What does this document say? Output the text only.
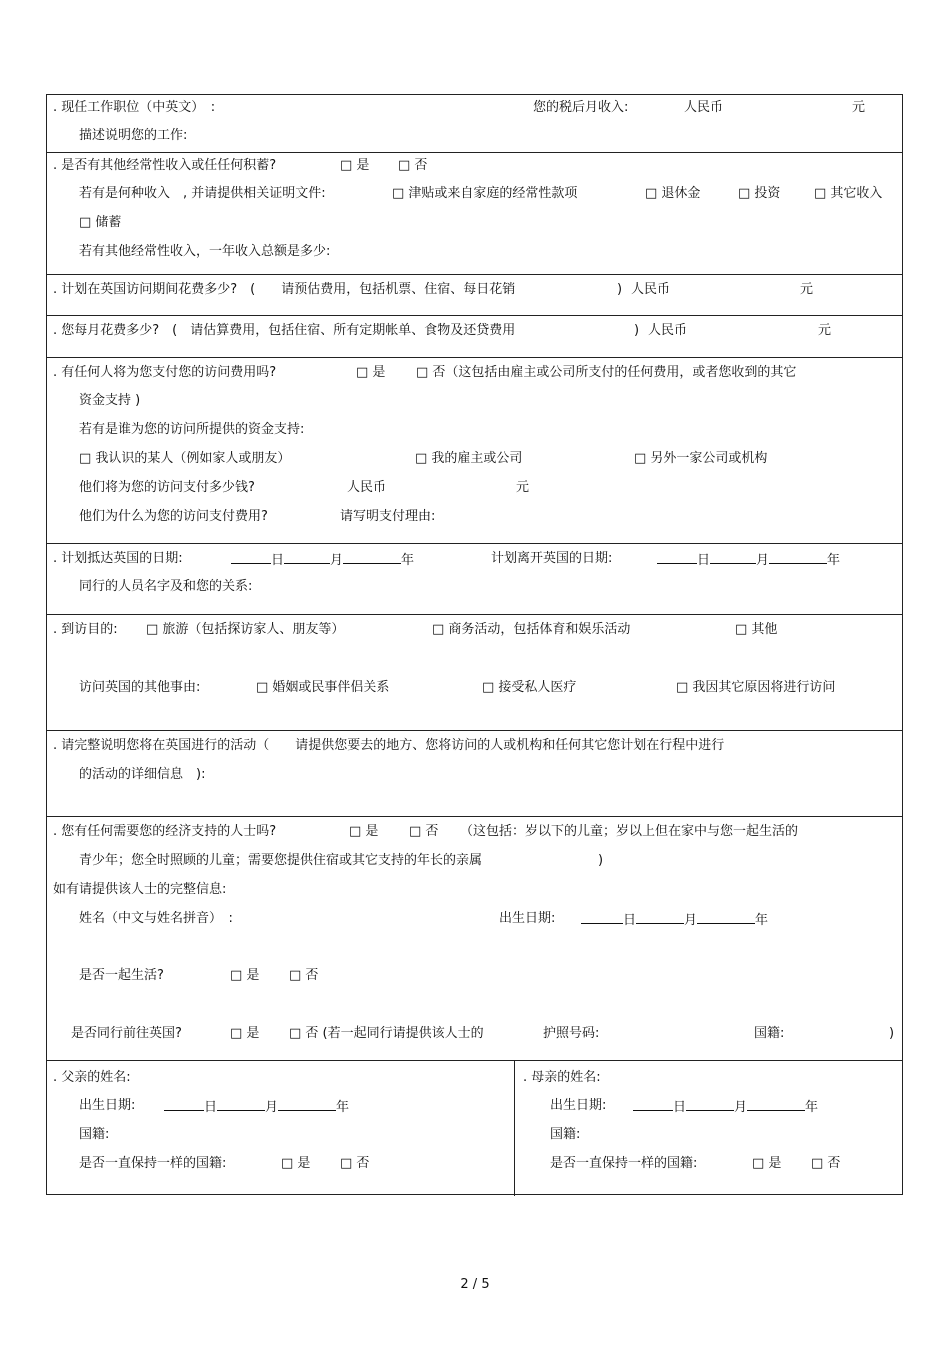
. 现任工作职位（中英文）　:	您的税后月收入:	人民币	元
描述说明您的工作:
. 是否有其他经常性收入或任任何积蓄?	□ 是 □ 否
若有是何种收入　, 并请提供相关证明文件:	□ 津贴或来自家庭的经常性款项	□ 退休金	□ 投资	□ 其它收入
□ 储蓄
若有其他经常性收入，一年收入总额是多少:
. 计划在英国访问期间花费多少?　(　　请预估费用，包括机票、住宿、每日花销	) 人民币	元
. 您每月花费多少?　(　请估算费用，包括住宿、所有定期帐单、食物及还贷费用	) 人民币	元
. 有任何人将为您支付您的访问费用吗?	□ 是 □ 否（这包括由雇主或公司所支付的任何费用，或者您收到的其它
资金支持 )
若有是谁为您的访问所提供的资金支持:
□ 我认识的某人（例如家人或朋友）	□ 我的雇主或公司	□ 另外一家公司或机构
他们将为您的访问支付多少钱?	人民币	元
他们为什么为您的访问支付费用?	请写明支付理由:
. 计划抵达英国的日期:	日	月	年	计划离开英国的日期:	日	月	年
同行的人员名字及和您的关系:
. 到访目的: □ 旅游（包括探访家人、朋友等）	□ 商务活动，包括体育和娱乐活动	□ 其他
访问英国的其他事由:	□ 婚姻或民事伴侣关系	□ 接受私人医疗	□ 我因其它原因将进行访问
. 请完整说明您将在英国进行的活动（　　请提供您要去的地方、您将访问的人或机构和任何其它您计划在行程中进行
的活动的详细信息　):
. 您有任何需要您的经济支持的人士吗?	□ 是 □ 否 （这包括：岁以下的儿童；岁以上但在家中与您一起生活的
青少年；您全时照顾的儿童；需要您提供住宿或其它支持的年长的亲属	)
如有请提供该人士的完整信息:
姓名（中文与姓名拼音）　:	出生日期:	日	月	年
是否一起生活?	□ 是 □ 否
是否同行前往英国?	□ 是 □ 否 (若一起同行请提供该人士的	护照号码:	国籍:	)
. 父亲的姓名:
出生日期:	日	月	年
国籍:
是否一直保持一样的国籍:	□ 是 □ 否
. 母亲的姓名:
出生日期:	日	月	年
国籍:
是否一直保持一样的国籍:	□ 是 □ 否
2 / 5
